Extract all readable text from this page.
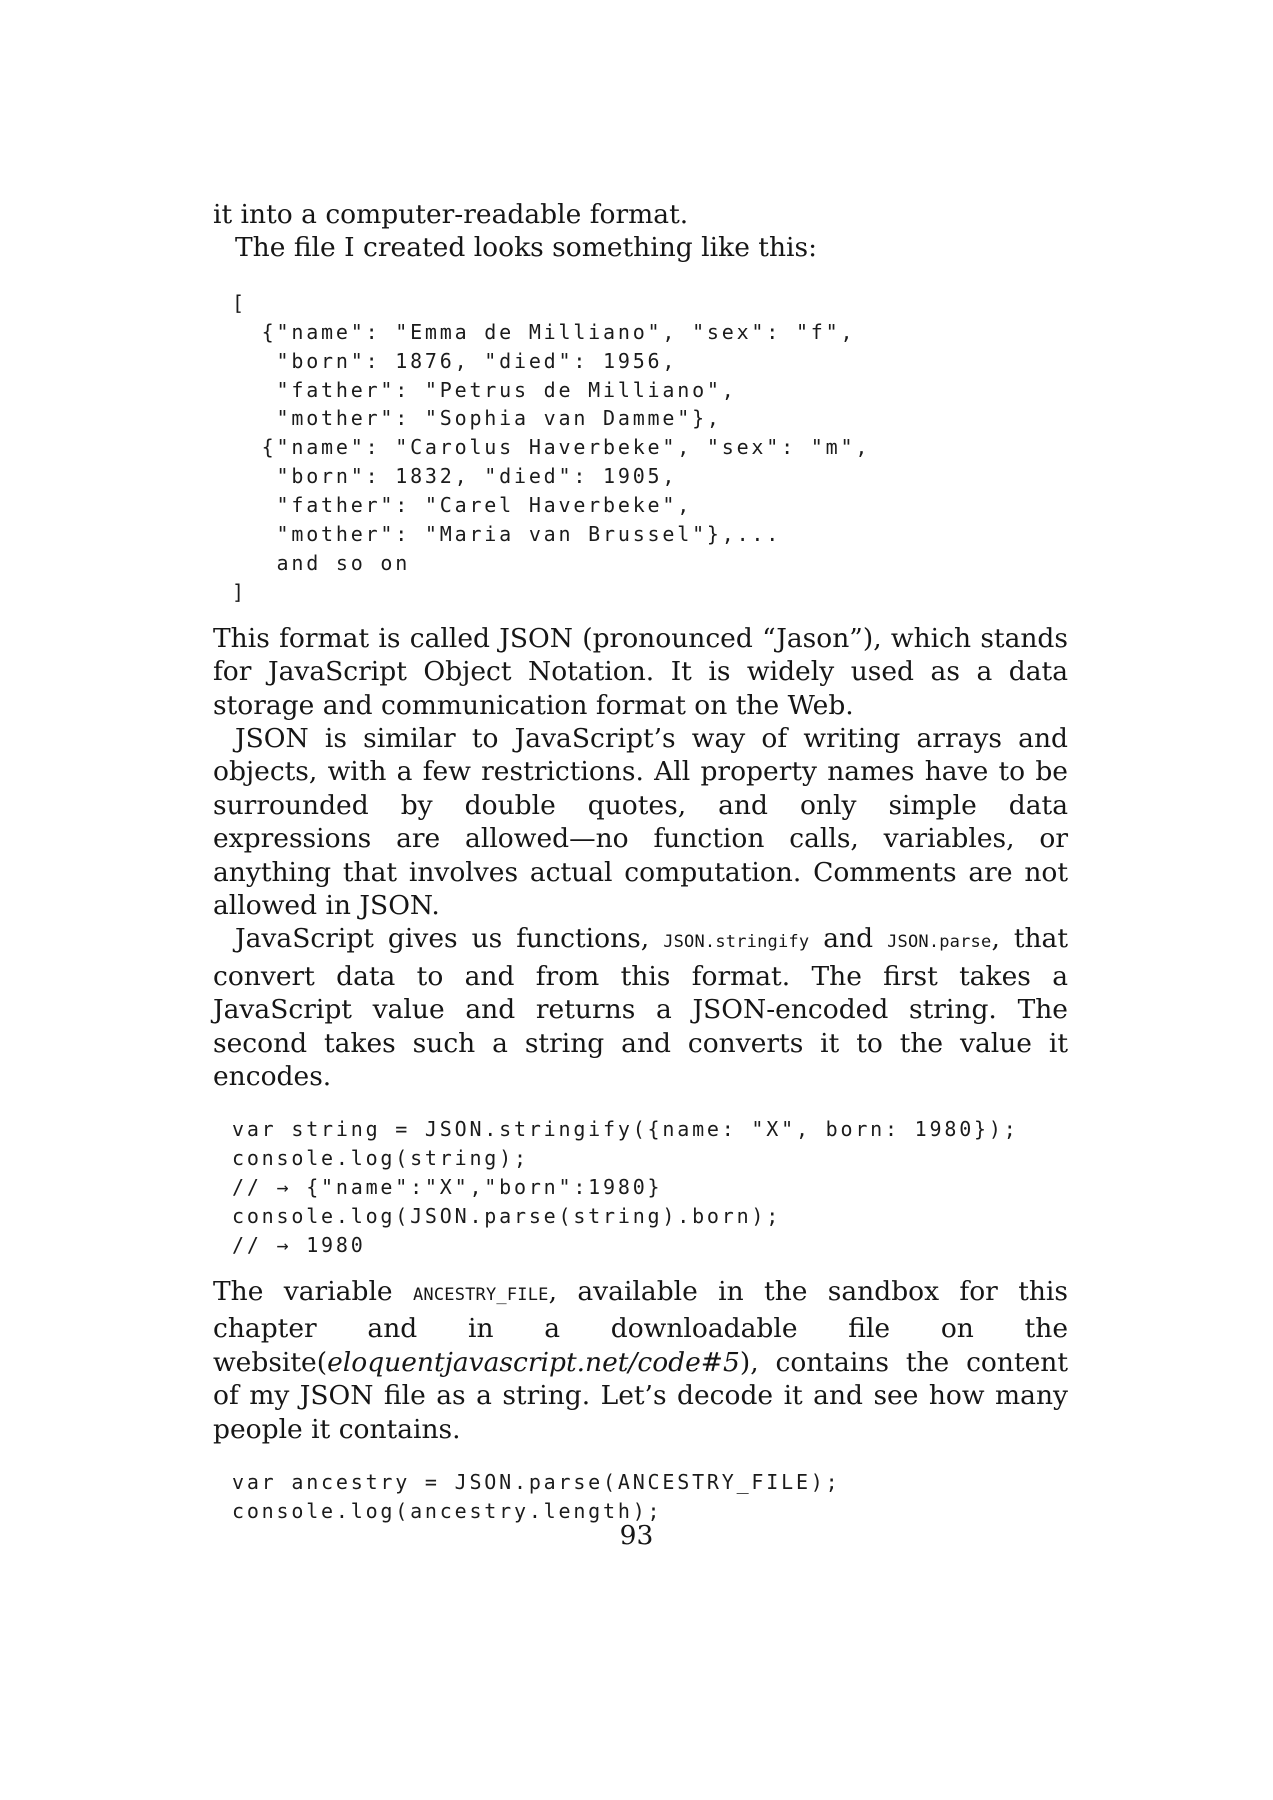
it into a computer-readable format.

The file I created looks something like this:

[
{"name": "Emma de Milliano", "sex": "f",
"born": 1876, "died": 1956,
"father": "Petrus de Milliano",
"mother": "Sophia van Damme"},
{"name": "Carolus Haverbeke", "sex": "m",
"born": 1832, "died": 1905,
"father": "Carel Haverbeke",
"mother": "Maria van Brussel"},...
and so on
]

This format is called JSON (pronounced “Jason”), which stands for JavaScript Object Notation. It is widely used as a data storage and communication format on the Web.

JSON is similar to JavaScript’s way of writing arrays and objects, with a few restrictions. All property names have to be surrounded by double quotes, and only simple data expressions are allowed—no function calls, variables, or anything that involves actual computation. Comments are not allowed in JSON.

JavaScript gives us functions, JSON.stringify and JSON.parse, that convert data to and from this format. The first takes a JavaScript value and returns a JSON-encoded string. The second takes such a string and converts it to the value it encodes.

var string = JSON.stringify({name: "X", born: 1980});
console.log(string);
// → {"name":"X","born":1980}
console.log(JSON.parse(string).born);
// → 1980

The variable ANCESTRY_FILE, available in the sandbox for this chapter and in a downloadable file on the website(eloquentjavascript.net/code#5), contains the content of my JSON file as a string. Let’s decode it and see how many people it contains.

var ancestry = JSON.parse(ANCESTRY_FILE);
console.log(ancestry.length);
93
